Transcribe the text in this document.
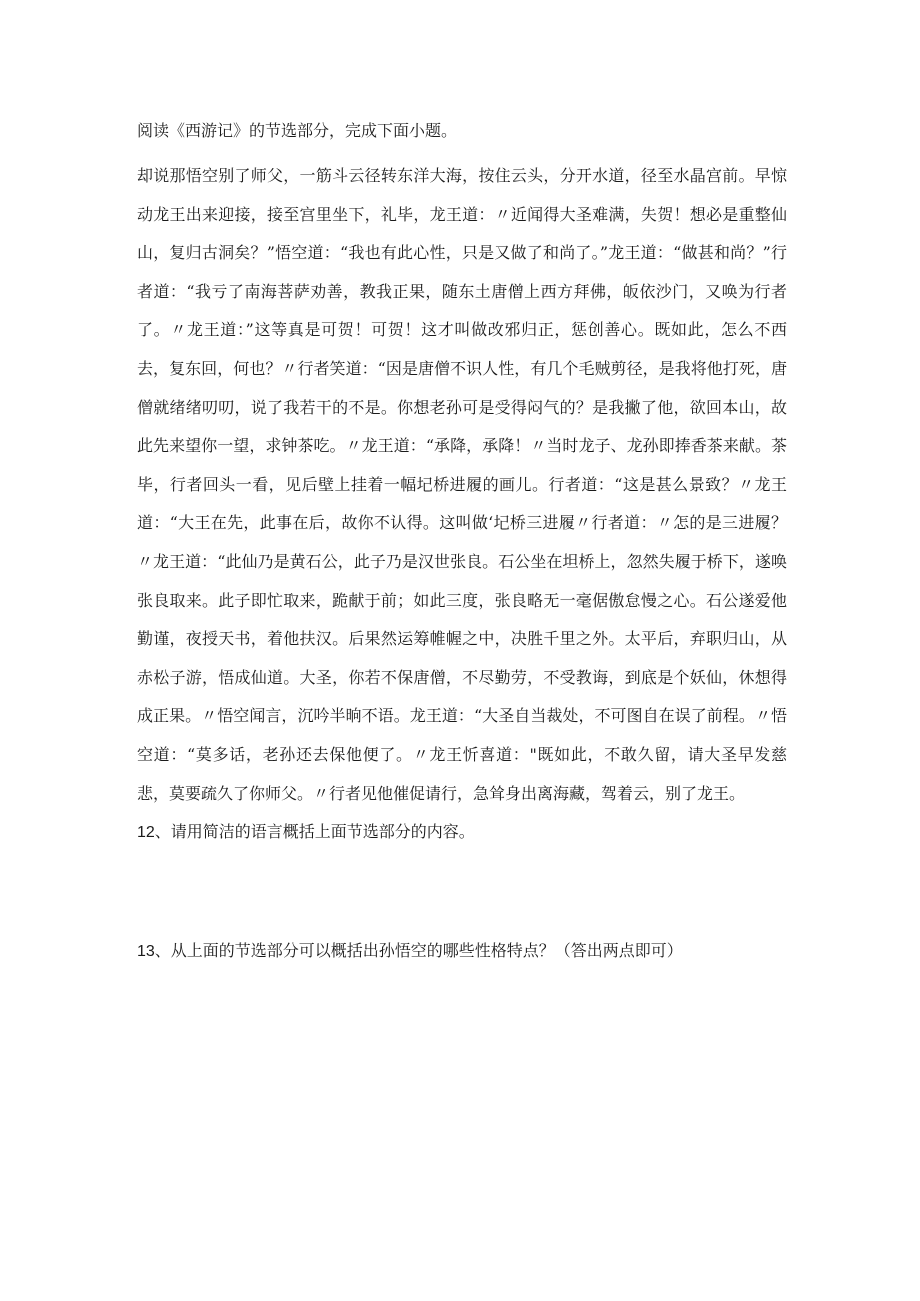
阅读《西游记》的节选部分，完成下面小题。

却说那悟空别了师父，一筋斗云径转东洋大海，按住云头，分开水道，径至水晶宫前。早惊动龙王出来迎接，接至宫里坐下，礼毕，龙王道：〃近闻得大圣难满，失贺！想必是重整仙山，复归古洞矣？”悟空道：“我也有此心性，只是又做了和尚了。”龙王道：“做甚和尚？”行者道：“我亏了南海菩萨劝善，教我正果，随东土唐僧上西方拜佛，皈依沙门，又唤为行者了。〃龙王道：”这等真是可贺！可贺！这才叫做改邪归正，惩创善心。既如此，怎么不西去，复东回，何也？〃行者笑道：“因是唐僧不识人性，有几个毛贼剪径，是我将他打死，唐僧就绪绪叨叨，说了我若干的不是。你想老孙可是受得闷气的？是我撇了他，欲回本山，故此先来望你一望，求钟茶吃。〃龙王道：“承降，承降！〃当时龙子、龙孙即捧香茶来献。茶毕，行者回头一看，见后壁上挂着一幅圮桥进履的画儿。行者道：“这是甚么景致？〃龙王道：“大王在先，此事在后，故你不认得。这叫做‘圮桥三进履〃行者道：〃怎的是三进履？〃龙王道：“此仙乃是黄石公，此子乃是汉世张良。石公坐在坦桥上，忽然失履于桥下，遂唤张良取来。此子即忙取来，跪献于前；如此三度，张良略无一毫倨傲怠慢之心。石公遂爱他勤谨，夜授天书，着他扶汉。后果然运筹帷幄之中，决胜千里之外。太平后，弃职归山，从赤松子游，悟成仙道。大圣，你若不保唐僧，不尽勤劳，不受教诲，到底是个妖仙，休想得成正果。〃悟空闻言，沉吟半晌不语。龙王道：“大圣自当裁处，不可图自在误了前程。〃悟空道：“莫多话，老孙还去保他便了。〃龙王忻喜道："既如此，不敢久留，请大圣早发慈悲，莫要疏久了你师父。〃行者见他催促请行，急耸身出离海藏，驾着云，别了龙王。

12、请用简洁的语言概括上面节选部分的内容。

13、从上面的节选部分可以概括出孙悟空的哪些性格特点？（答出两点即可）
